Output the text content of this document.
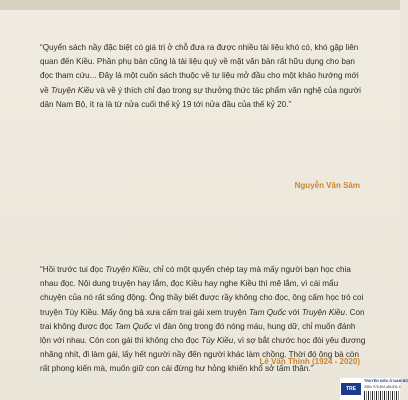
“Quyển sách nầy đặc biệt có giá trị ở chỗ đưa ra được nhiều tài liệu khó có, khó gặp liên quan đến Kiều. Phần phụ bản cũng là tài liệu quý về mặt văn bản rất hữu dụng cho bạn đọc tham cứu... Đây là một cuốn sách thuộc về tư liệu mở đầu cho một khảo hướng mới về Truyện Kiều và về ý thích chỉ đạo trong sự thưởng thức tác phẩm văn nghệ của người dân Nam Bộ, ít ra là từ nửa cuối thế kỷ 19 tới nửa đầu của thế kỷ 20.”

Nguyễn Văn Sâm

“Hồi trước tui đọc Truyện Kiều, chỉ có một quyển chép tay mà mấy người bạn học chia nhau đọc. Nội dung truyện hay lắm, đọc Kiều hay nghe Kiều thì mê lắm, vì cái mẩu chuyện của nó rất sống động. Ông thầy biết được rầy không cho đọc, ông cấm học trò coi truyện Túy Kiều. Mấy ông bà xưa cấm trai gái xem truyện Tam Quốc với Truyện Kiều. Con trai không được đọc Tam Quốc vì đàn ông trong đó nóng máu, hung dữ, chỉ muốn đánh lộn với nhau. Còn con gái thì không cho đọc Túy Kiều, vì sợ bắt chước học đòi yêu đương nhăng nhít, đi làm gái, lấy hết người nầy đến người khác làm chồng. Thời đó ông bà còn rất phong kiến mà, muốn giữ con cái đừng hư hỏng khiến khổ sở tấm thân.”

Lê Văn Thinh (1924 - 2020)
TRE
TRUYỆN KIỀU Ở NAM BỘ
ISBN: 978-604-463-831-4
